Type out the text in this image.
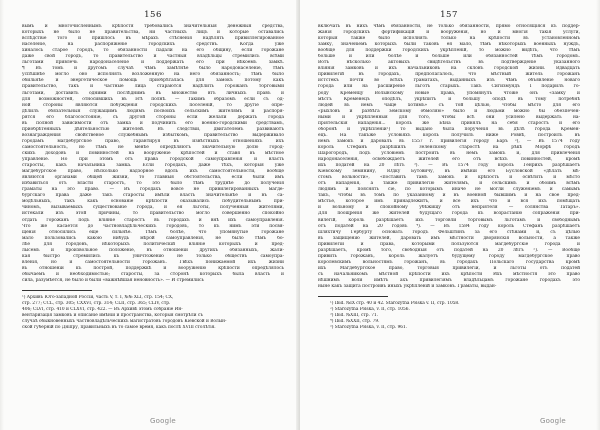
156
вымъ и многочисленнымъ крѣпостя требовались значительныя денежныя средства,
которыхъ не было не правительства, ни частныхъ лицъ и которые оставались
вслѣдствіе того и пришлось въ мѣрахъ стѣсненія надѣлять привиллегированное
населеніе, на распоряженіе городскихъ средствъ. Когда уже
хиналось старое городъ, то обязанности падали на его общину, если горожане
даже свой городъ, то правительство и частныя владѣльцы стремились всѣми
льготами привлечь народонаселеніе и поддержать его при нѣкоемъ замкѣ.
¶ Въ томъ и другомъ случаѣ чѣмъ замѣтнѣе было народонаселеніе, тѣмъ
успѣшнѣе могло оно исполнять возложенную на него обязанность; тѣмъ было
обильнѣе и энергетическое помощь приобрѣталась для замокъ потому какъ
правительство, такъ и частные лица стараются надѣлить горожанъ торговыми
льготами, доставить одними послѣднимъ въ множество втъ личныхъ правъ и
для возможностей, относившихъ въ этѣ полнѣ. — Такимъ образомъ если съ од-
ной стороны являются побужденія городскихъ поселеній, то другіе опре-
дѣлилъ обязательныя служащимъ людямъ посвоихъ сельскимъ жителямъ и распоря-
рятся его благосостояніе, съ другой стороны если желали держать города
въ полной зависимости отъ замка и подчинить его военно-городскими средствамъ,
приобрѣтенныхъ дѣятельностью жителей. Въ следствіи, двигателемъ развиваютъ
вознаграждения свойственое служебнымъ избыткомъ, правительство выдерживало
городамъ магдебургское право, гарантируя въ извѣстныхъ отношеніяхъ ихъ
самостоятельность, но тѣмъ не менѣе опредѣляютъ значительную долю город-
скихъ доходовъ и повинностей на вооруженіе крѣпостей и ставя въ мѣстное
управленіе. Но при этомъ отъ права городской самоуправленія и власть
старосты, какъ начальника замка. Если городахъ, даже тѣхъ, которыя уже
магдебургское право, нѣсколько надзорное вдоль ихъ самостоятельности, вообще
являются органами общей жизни, то главныя обстоятельства, если были имъ
избавиться отъ власти старостъ, то это было тѣмъ труднѣе до полученія
граматы на это право. — Въ городахъ вовсе не привилегированныхъ магде-
бургскаго права даже такъ старосты имѣли власть значительнѣе и въ са-
модѣльныхъ, такъ какъ основаніе крѣпости оказывались побудительнымъ при-
чиномъ, вызываемыхъ существованіе города, и ея льготы, полученныя жителями,
истекали изъ этой причины, то правительство могло совершенно спокойно
отдать горожанъ подъ вліяніе старостъ въ городахъ и внѣ ихъ самоуправленія.
Что же касается до частновладѣльческихъ городовъ, то къ нимъ эти посвя-
щенія относились еще сильнѣе. Тѣмъ болѣе, что упомянутые горожане
мало пользовались какою нибудь мѣрой самоуправленія, не было тѣмъ бо-
лѣе для городовъ, нѣкоторыхъ политическій вліяніе которыхъ и пред-
лысемъ и произвольное положеніе, въ отношеніи другихъ обязанныхъ, жали-
кая быстро стремились къ уничтоженію не только обществъ самоупра-
вленія, но и самостоятельности горожанъ. Гвѣхъ понижаемой ихъ жизни
въ отношеніи къ построй, поддержкѣ и вооруженію крѣпости опредѣлялось
обычаемъ и необходимостью; старосты, за сторонѣ которыхъ была власть и
сила, разумѣется, не было и были «важнѣйшая неновность». — И стремились
¹) Архивъ Юго-западной Россіи, часть V, т. I, №№ XLI, стр. 154; CX,
стр. 277; CCL, стр. 305; CXXVI, стр. 314; CLII, стр. 365; CLIV, стр.
406; CLVI, стр. 410 и CLXVI, стр. 422. — Въ Архивѣ этомъ собраніе Ин-
вентаризація замковъ и описаніе имѣніи и пространства, которыя смотрѣли съ
случаѣ обыкновенныхъ частновладѣльческихъ магистратовъ городовъ Кіевской и Волын-
ской губерній по Дніпру, правильныхъ въ то самое время, какъ послѣ XVIII столѣтія.
157
включать въ нихъ чѣмъ обязанности, не только обязанности, прямо относящіяся къ поддер-
жанія городскихъ фортификацій и вооруженія, но и многія такія услуги,
которыя также было исполнять только на крѣпости въ установленномъ
замку, значеніемъ которыхъ были таковъ ея мало, тѣмъ нѣкоторыхъ военныхъ нуждъ,
вообще для поддержки городскихъ укрѣпленій, то можно видѣть, что тѣмъ
больше и или болѣе и больше или обязанностей тѣмъ городомъ.
Вотъ нѣсколько актовыхъ свидѣтельствъ въ подтвержденіе указанного
вліянія замковъ и ихъ начальниковъ на склонъ городской жизни. Вдвадцать
привилегій въ городахъ, предполагалось, что мѣстный житель горожанъ
истстекъ почти во всѣхъ граматахъ, выданныхъ изъ чѣмъ объявленіе новаго
города или на расширеніе льготъ старыхъ. Такъ Сигизмундъ I подарилъ го-
роду Кременцу Волынскому новые права, упомянулъ чтоже онъ «замку и
мѣстъ Кременецъ оподѣлъ, укрѣпитъ и большу оподѣ въ тому потребнѣ
людей въ немъ чаще хотимъ» съ той цѣлью, чтобы мѣсто для его
«рыхловъ и разбѣга земскому обмоляю» было и людьми можно бы обезпечен-
ными и укрѣпленныя для того, чтобы всѣ они усилено выдержать на-
пріятельскія нападенія... король же Бѣна принялъ на себя старостъ и его
оборонѣ и укрѣпленіи¹) то выдано была порученія въ дѣлѣ города Кремен-
ецъ. На такъже условіяхъ король получилъ ниже Ровнѣ, построилъ въ
немъ замокъ и даровалъ въ 1557 г. привилегія городу Баръ ²), — Въ 1574 году
король Стефанъ разрѣшилъ Зелёнскому старостѣ на рѣкѣ Морфѣ городъ
Шарогородъ, подъ условіемъ построить въ немъ замокъ и, для привлеченія
народонаселенія, освобождаетъ жителей его отъ всѣхъ повинностей, кромѣ
ихъ податей на 20 лѣтъ ³). — Въ 1574 году король Генрихъ разрѣшаетъ
Кіевскому земянину, Юдку Бутовичу, въ имѣніи его Бусловской «дѣлать мѣ-
стомъ вольности», «поставить тамъ замокъ и крѣпость и освѣтить и мѣсто
отъ нападенія, а также привилегію жителямъ, и сельскимъ и обоимъ всѣмъ
людямъ и пояснять сіе, по которымъ иначе не могли служеніемъ и самымъ
такъ, чтобы въ томъ по указанному и въ военной бывшимъ и на свое пред-
мѣстье, которое имъ принадлежитъ, и все ихъ что и вся ихъ помѣщать
и вольному и спокойному убѣжищу отъ непріятеля — солянства Татаръ».
Для поощренія же жителей будущаго города къ возрастанію сопраженія при-
вилегій, король разрѣшаетъ ихъ торговли торговымъ льготамъ и свободнымъ
отъ податей на 20 годовъ ⁴). — Въ 1584 году король Стефанъ разрѣшаетъ
шляхтичу Гербурту основать городъ Фельштинъ за его стѣнами и, съ цѣлью
въ защищенію жителей, даровать имъ мѣстности дворянскія вольности, а также
привилегіи и права, которыми пользуются магдебургскіе города и
разрѣшаетъ, кромѣ того, свободныя отъ податей на 20 лѣтъ ⁵). — Вообще
привить горожанъ, король жалуетъ будущему городу магдебургское право
королевскимъ вольностямъ горожанъ, въ городахъ Польскаго государства кромѣ
ихъ Магдебургское право, торговыя привилегіи, и льготы отъ податей
съ начальникомъ мѣстной крѣпости ихъ крѣпости Ихъ мѣстностя это право
нѣшнимъ воли имѣтъ ахъ привилегіямъ владѣльцамъ горожане городахъ это
ныне какъ защита построивъ иныхъ укрѣпленій и замковъ. Граматы, выдан-
¹) Ibid. №IX стр. 40 и 42. Starożytna Polska v. II, стр. 1058.
²) Starożytna Polska, v. II, стр. 1056.
³) Ibid. №XIII, стр. 71.
⁴) Ibid. №XXII, стр. 79.
⁵) Starożytna Polska, v. II, стр. 961.
Google	Google
